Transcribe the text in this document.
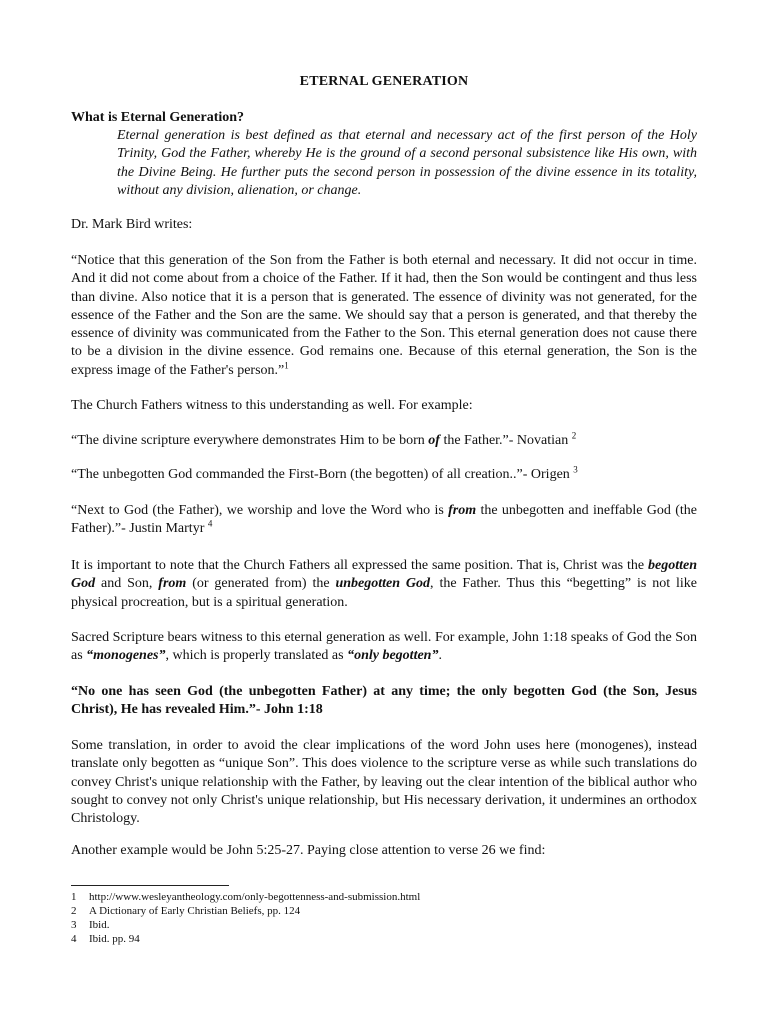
ETERNAL GENERATION
What is Eternal Generation?
Eternal generation is best defined as that eternal and necessary act of the first person of the Holy Trinity, God the Father, whereby He is the ground of a second personal subsistence like His own, with the Divine Being. He further puts the second person in possession of the divine essence in its totality, without any division, alienation, or change.
Dr. Mark Bird writes:
“Notice that this generation of the Son from the Father is both eternal and necessary. It did not occur in time. And it did not come about from a choice of the Father. If it had, then the Son would be contingent and thus less than divine. Also notice that it is a person that is generated. The essence of divinity was not generated, for the essence of the Father and the Son are the same. We should say that a person is generated, and that thereby the essence of divinity was communicated from the Father to the Son. This eternal generation does not cause there to be a division in the divine essence. God remains one. Because of this eternal generation, the Son is the express image of the Father's person.”$^1$
The Church Fathers witness to this understanding as well. For example:
“The divine scripture everywhere demonstrates Him to be born of the Father.”- Novatian $^2$
“The unbegotten God commanded the First-Born (the begotten) of all creation..”- Origen $^3$
“Next to God (the Father), we worship and love the Word who is from the unbegotten and ineffable God (the Father).”- Justin Martyr $^4$
It is important to note that the Church Fathers all expressed the same position. That is, Christ was the begotten God and Son, from (or generated from) the unbegotten God, the Father. Thus this “begetting” is not like physical procreation, but is a spiritual generation.
Sacred Scripture bears witness to this eternal generation as well. For example, John 1:18 speaks of God the Son as “monogenes”, which is properly translated as “only begotten”.
“No one has seen God (the unbegotten Father) at any time; the only begotten God (the Son, Jesus Christ), He has revealed Him.”- John 1:18
Some translation, in order to avoid the clear implications of the word John uses here (monogenes), instead translate only begotten as “unique Son”. This does violence to the scripture verse as while such translations do convey Christ's unique relationship with the Father, by leaving out the clear intention of the biblical author who sought to convey not only Christ's unique relationship, but His necessary derivation, it undermines an orthodox Christology.
Another example would be John 5:25-27. Paying close attention to verse 26 we find:
1	http://www.wesleyantheology.com/only-begottenness-and-submission.html
2	A Dictionary of Early Christian Beliefs, pp. 124
3	Ibid.
4	Ibid. pp. 94
